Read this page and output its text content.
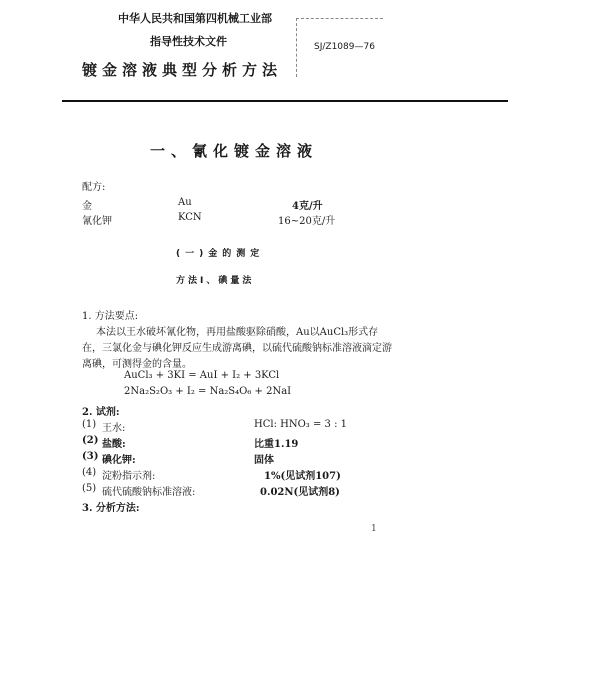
中华人民共和国第四机械工业部
指导性技术文件
镀金溶液典型分析方法
SJ/Z1089—76
一、氰化镀金溶液
配方:
金	Au	4克/升
氰化钾	KCN	16~20克/升
(一)金的测定
方法Ⅰ、碘量法
1. 方法要点:
本法以王水破坏氰化物，再用盐酸驱除硝酸，Au以AuCl₃形式存
在，三氯化金与碘化钾反应生成游离碘，以硫代硫酸钠标准溶液滴定游
离碘，可测得金的含量。
AuCl₃ + 3KI = AuI + I₂ + 3KCl
2Na₂S₂O₃ + I₂ = Na₂S₄O₆ + 2NaI
2. 试剂:
(1) 王水:	HCl: HNO₃ = 3 : 1
(2) 盐酸:	比重1.19
(3) 碘化钾:	固体
(4) 淀粉指示剂:	1%(见试剂107)
(5) 硫代硫酸钠标准溶液:	0.02N(见试剂8)
3. 分析方法:
1
